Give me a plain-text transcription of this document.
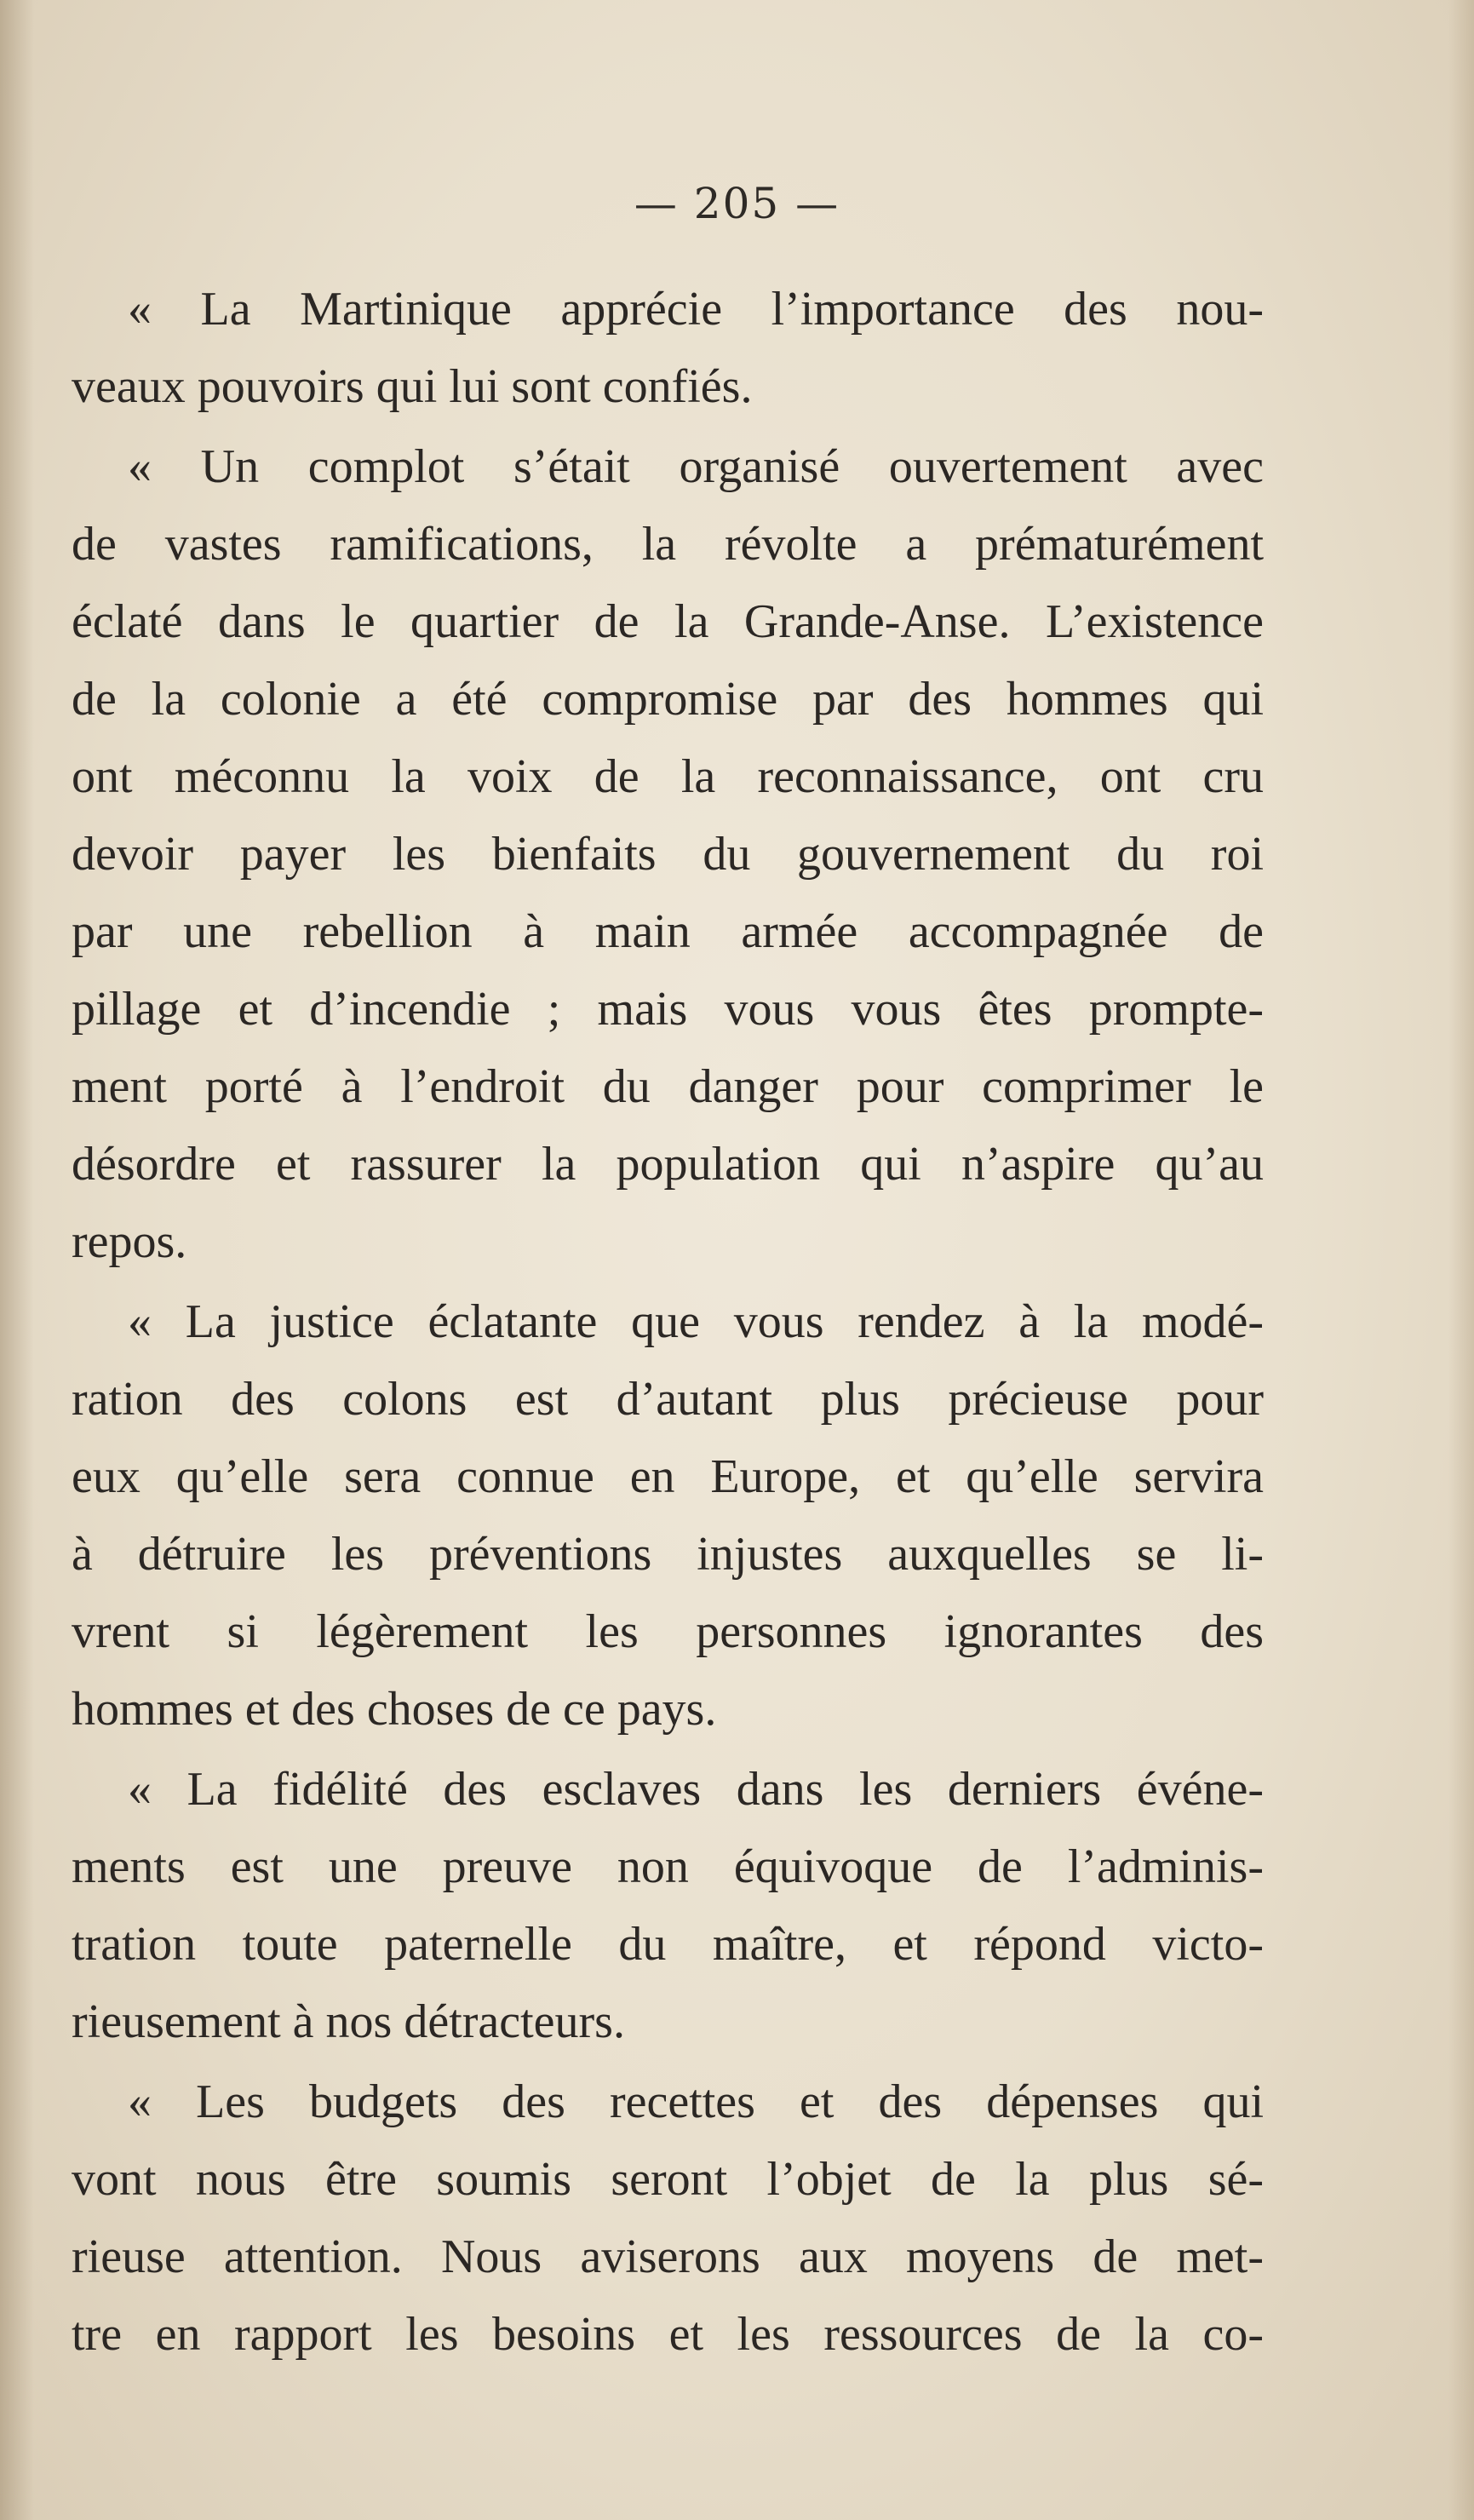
— 205 —
« La Martinique apprécie l’importance des nou-
veaux pouvoirs qui lui sont confiés.
« Un complot s’était organisé ouvertement avec
de vastes ramifications, la révolte a prématurément
éclaté dans le quartier de la Grande-Anse. L’existence
de la colonie a été compromise par des hommes qui
ont méconnu la voix de la reconnaissance, ont cru
devoir payer les bienfaits du gouvernement du roi
par une rebellion à main armée accompagnée de
pillage et d’incendie ; mais vous vous êtes prompte-
ment porté à l’endroit du danger pour comprimer le
désordre et rassurer la population qui n’aspire qu’au
repos.
« La justice éclatante que vous rendez à la modé-
ration des colons est d’autant plus précieuse pour
eux qu’elle sera connue en Europe, et qu’elle servira
à détruire les préventions injustes auxquelles se li-
vrent si légèrement les personnes ignorantes des
hommes et des choses de ce pays.
« La fidélité des esclaves dans les derniers événe-
ments est une preuve non équivoque de l’adminis-
tration toute paternelle du maître, et répond victo-
rieusement à nos détracteurs.
« Les budgets des recettes et des dépenses qui
vont nous être soumis seront l’objet de la plus sé-
rieuse attention. Nous aviserons aux moyens de met-
tre en rapport les besoins et les ressources de la co-
